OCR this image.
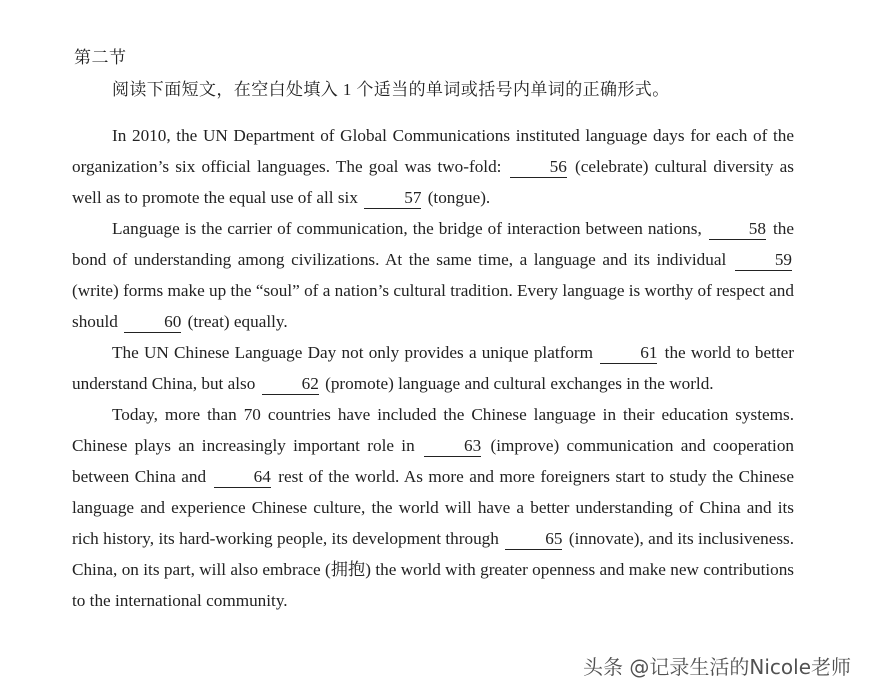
第二节
阅读下面短文，在空白处填入 1 个适当的单词或括号内单词的正确形式。

In 2010, the UN Department of Global Communications instituted language days for each of the organization’s six official languages. The goal was two-fold: 56 (celebrate) cultural diversity as well as to promote the equal use of all six 57 (tongue).

Language is the carrier of communication, the bridge of interaction between nations, 58 the bond of understanding among civilizations. At the same time, a language and its individual 59 (write) forms make up the “soul” of a nation’s cultural tradition. Every language is worthy of respect and should 60 (treat) equally.

The UN Chinese Language Day not only provides a unique platform 61 the world to better understand China, but also 62 (promote) language and cultural exchanges in the world.

Today, more than 70 countries have included the Chinese language in their education systems. Chinese plays an increasingly important role in 63 (improve) communication and cooperation between China and 64 rest of the world. As more and more foreigners start to study the Chinese language and experience Chinese culture, the world will have a better understanding of China and its rich history, its hard-working people, its development through 65 (innovate), and its inclusiveness. China, on its part, will also embrace (拥抱) the world with greater openness and make new contributions to the international community.

头条 @记录生活的Nicole老师
